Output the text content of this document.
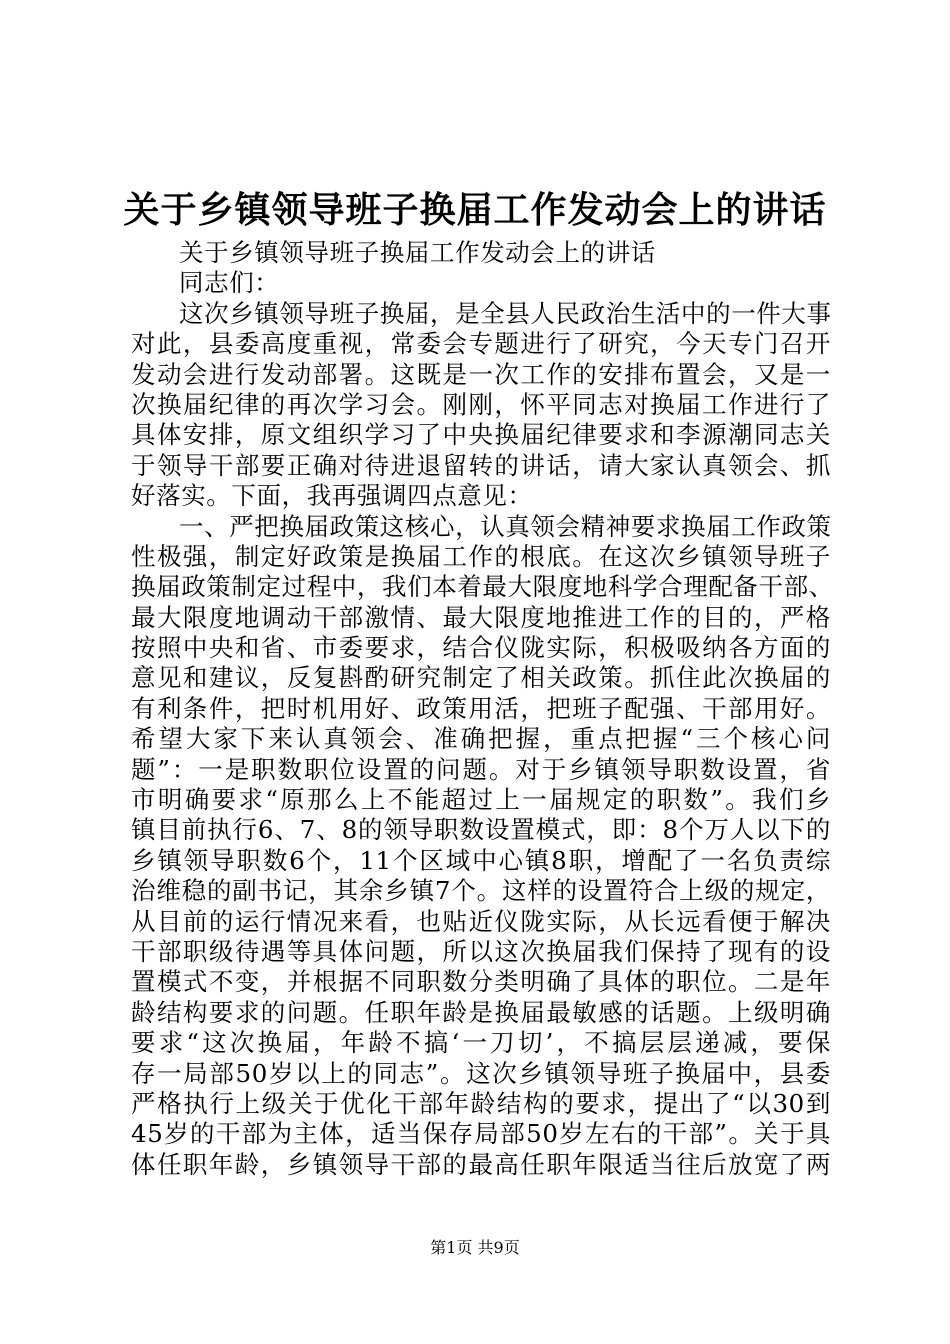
关于乡镇领导班子换届工作发动会上的讲话
关于乡镇领导班子换届工作发动会上的讲话
同志们：
这次乡镇领导班子换届，是全县人民政治生活中的一件大事
对此，县委高度重视，常委会专题进行了研究，今天专门召开
发动会进行发动部署。这既是一次工作的安排布置会，又是一
次换届纪律的再次学习会。刚刚，怀平同志对换届工作进行了
具体安排，原文组织学习了中央换届纪律要求和李源潮同志关
于领导干部要正确对待进退留转的讲话，请大家认真领会、抓
好落实。下面，我再强调四点意见：
一、严把换届政策这核心，认真领会精神要求换届工作政策
性极强，制定好政策是换届工作的根底。在这次乡镇领导班子
换届政策制定过程中，我们本着最大限度地科学合理配备干部、
最大限度地调动干部激情、最大限度地推进工作的目的，严格
按照中央和省、市委要求，结合仪陇实际，积极吸纳各方面的
意见和建议，反复斟酌研究制定了相关政策。抓住此次换届的
有利条件，把时机用好、政策用活，把班子配强、干部用好。
希望大家下来认真领会、准确把握，重点把握“三个核心问
题”：一是职数职位设置的问题。对于乡镇领导职数设置，省
市明确要求“原那么上不能超过上一届规定的职数”。我们乡
镇目前执行6、7、8的领导职数设置模式，即：8个万人以下的
乡镇领导职数6个，11个区域中心镇8职，增配了一名负责综
治维稳的副书记，其余乡镇7个。这样的设置符合上级的规定，
从目前的运行情况来看，也贴近仪陇实际，从长远看便于解决
干部职级待遇等具体问题，所以这次换届我们保持了现有的设
置模式不变，并根据不同职数分类明确了具体的职位。二是年
龄结构要求的问题。任职年龄是换届最敏感的话题。上级明确
要求“这次换届，年龄不搞‘一刀切’，不搞层层递减，要保
存一局部50岁以上的同志”。这次乡镇领导班子换届中，县委
严格执行上级关于优化干部年龄结构的要求，提出了“以30到
45岁的干部为主体，适当保存局部50岁左右的干部”。关于具
体任职年龄，乡镇领导干部的最高任职年限适当往后放宽了两
第1页 共9页
